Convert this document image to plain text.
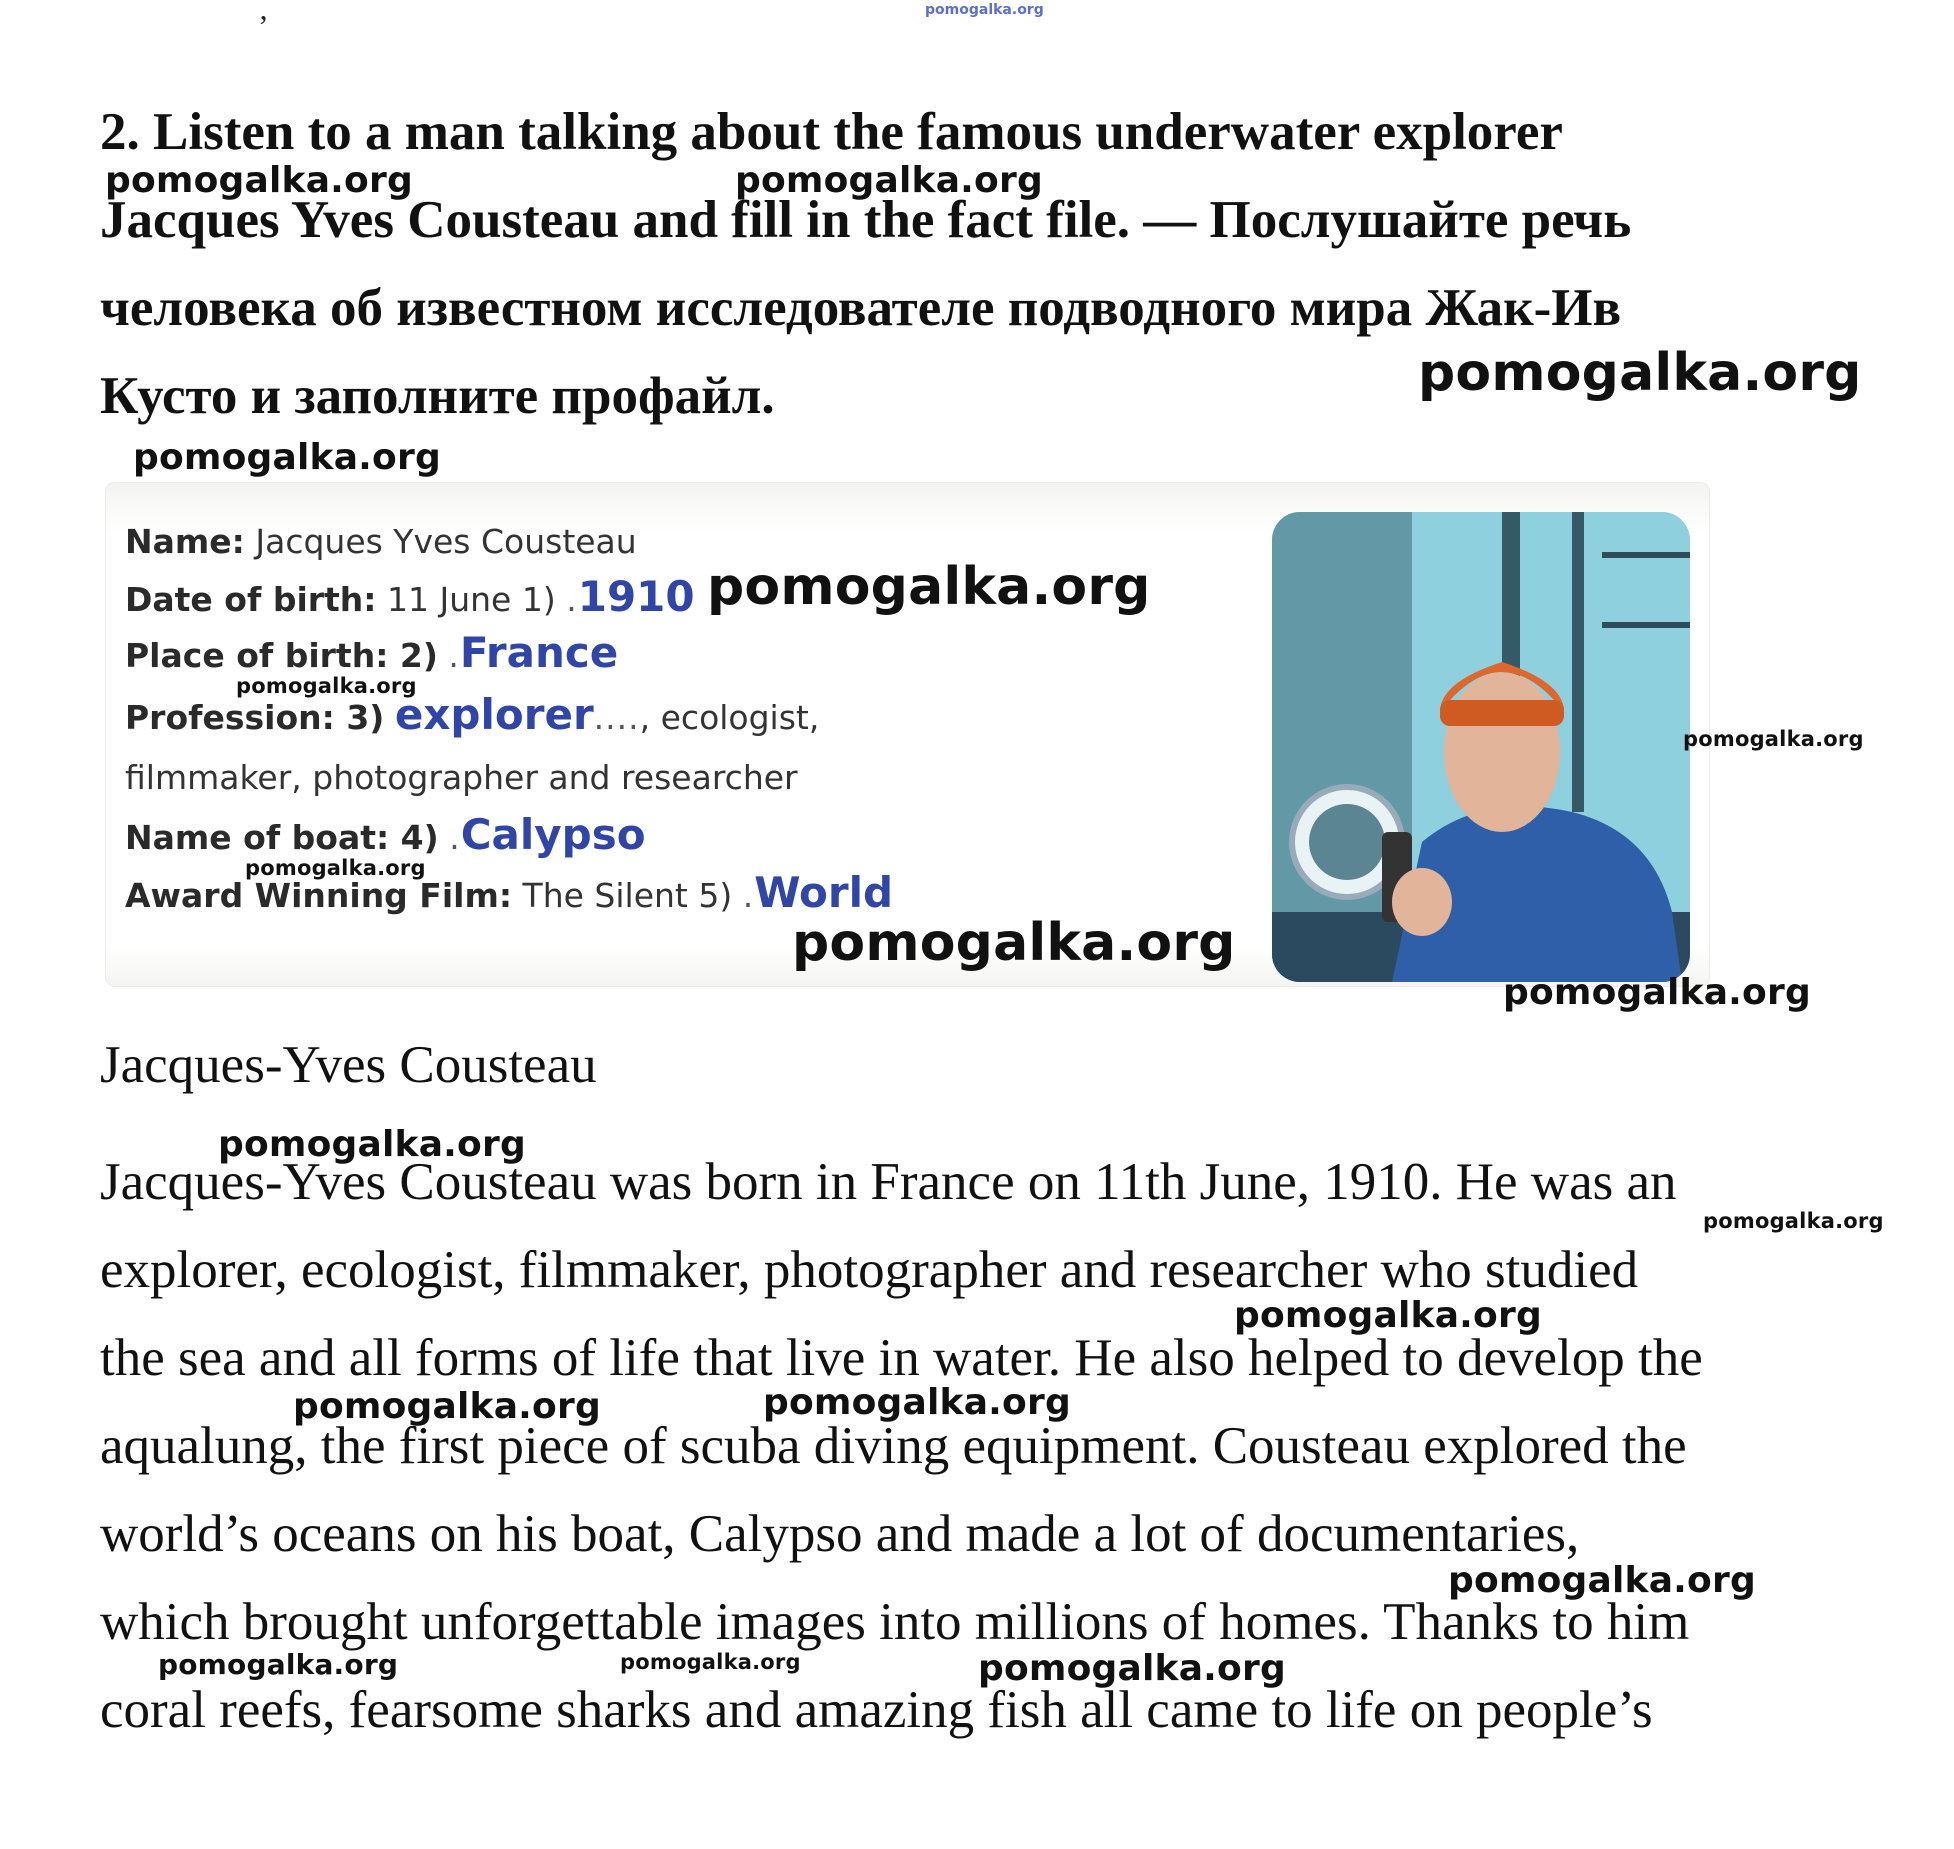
ʼ	pomogalka.org
2. Listen to a man talking about the famous underwater explorer
Jacques Yves Cousteau and fill in the fact file. — Послушайте речь
человека об известном исследователе подводного мира Жак-Ив
Кусто и заполните профайл.
Name: Jacques Yves Cousteau
Date of birth: 11 June 1) .1910
Place of birth: 2) .France
Profession: 3) explorer...., ecologist,
filmmaker, photographer and researcher
Name of boat: 4) .Calypso
Award Winning Film: The Silent 5) .World
Jacques-Yves Cousteau
Jacques-Yves Cousteau was born in France on 11th June, 1910. He was an
explorer, ecologist, filmmaker, photographer and researcher who studied
the sea and all forms of life that live in water. He also helped to develop the
aqualung, the first piece of scuba diving equipment. Cousteau explored the
world’s oceans on his boat, Calypso and made a lot of documentaries,
which brought unforgettable images into millions of homes. Thanks to him
coral reefs, fearsome sharks and amazing fish all came to life on people’s
pomogalka.org	pomogalka.org
pomogalka.org
pomogalka.org
pomogalka.org
pomogalka.org
pomogalka.org
pomogalka.org
pomogalka.org
pomogalka.org
pomogalka.org
pomogalka.org
pomogalka.org
pomogalka.org	pomogalka.org
pomogalka.org
pomogalka.org	pomogalka.org	pomogalka.org
